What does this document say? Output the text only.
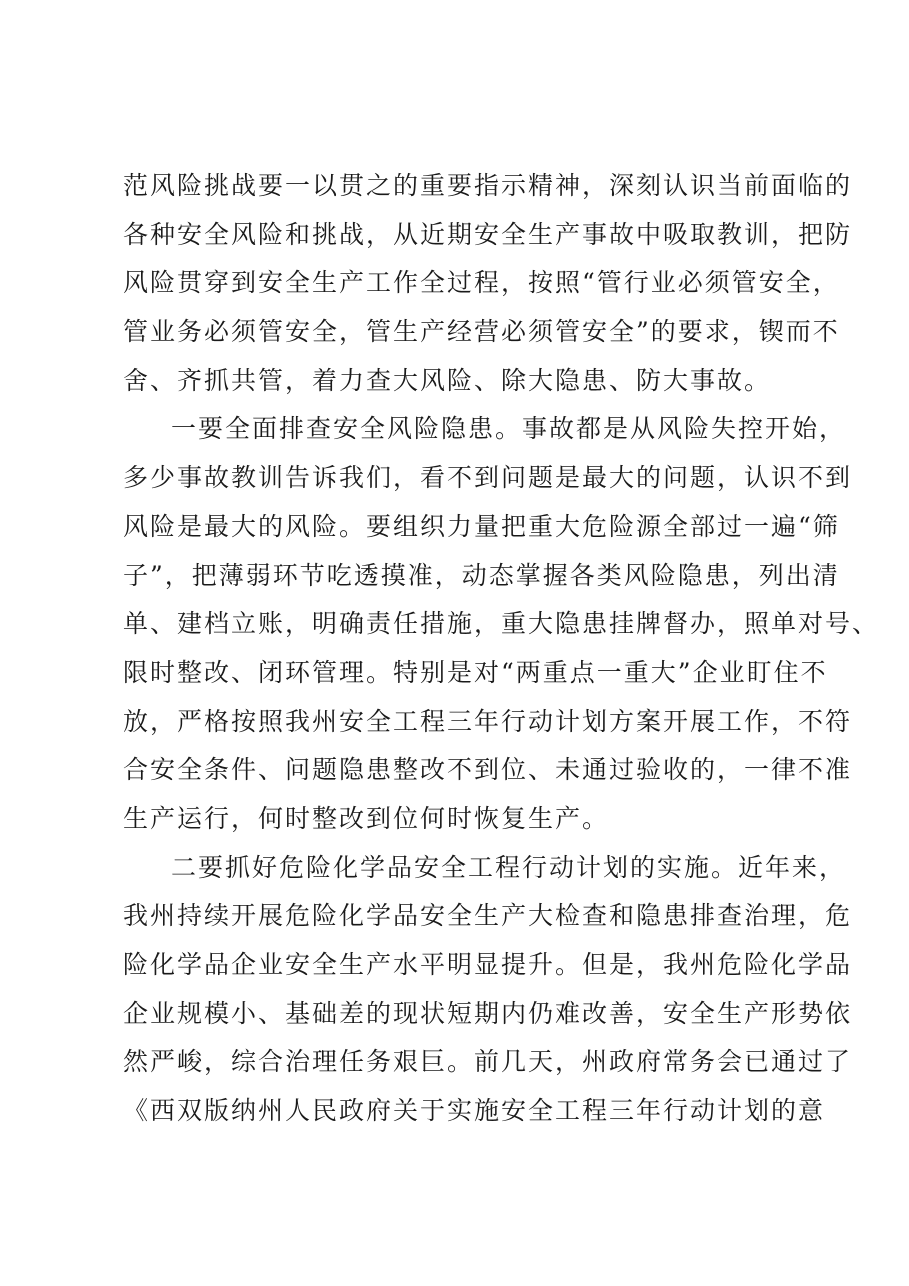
范风险挑战要一以贯之的重要指示精神，深刻认识当前面临的
各种安全风险和挑战，从近期安全生产事故中吸取教训，把防
风险贯穿到安全生产工作全过程，按照“管行业必须管安全，
管业务必须管安全，管生产经营必须管安全”的要求，锲而不
舍、齐抓共管，着力查大风险、除大隐患、防大事故。
一要全面排查安全风险隐患。事故都是从风险失控开始，
多少事故教训告诉我们，看不到问题是最大的问题，认识不到
风险是最大的风险。要组织力量把重大危险源全部过一遍“筛
子”，把薄弱环节吃透摸准，动态掌握各类风险隐患，列出清
单、建档立账，明确责任措施，重大隐患挂牌督办，照单对号、
限时整改、闭环管理。特别是对“两重点一重大”企业盯住不
放，严格按照我州安全工程三年行动计划方案开展工作，不符
合安全条件、问题隐患整改不到位、未通过验收的，一律不准
生产运行，何时整改到位何时恢复生产。
二要抓好危险化学品安全工程行动计划的实施。近年来，
我州持续开展危险化学品安全生产大检查和隐患排查治理，危
险化学品企业安全生产水平明显提升。但是，我州危险化学品
企业规模小、基础差的现状短期内仍难改善，安全生产形势依
然严峻，综合治理任务艰巨。前几天，州政府常务会已通过了
《西双版纳州人民政府关于实施安全工程三年行动计划的意
